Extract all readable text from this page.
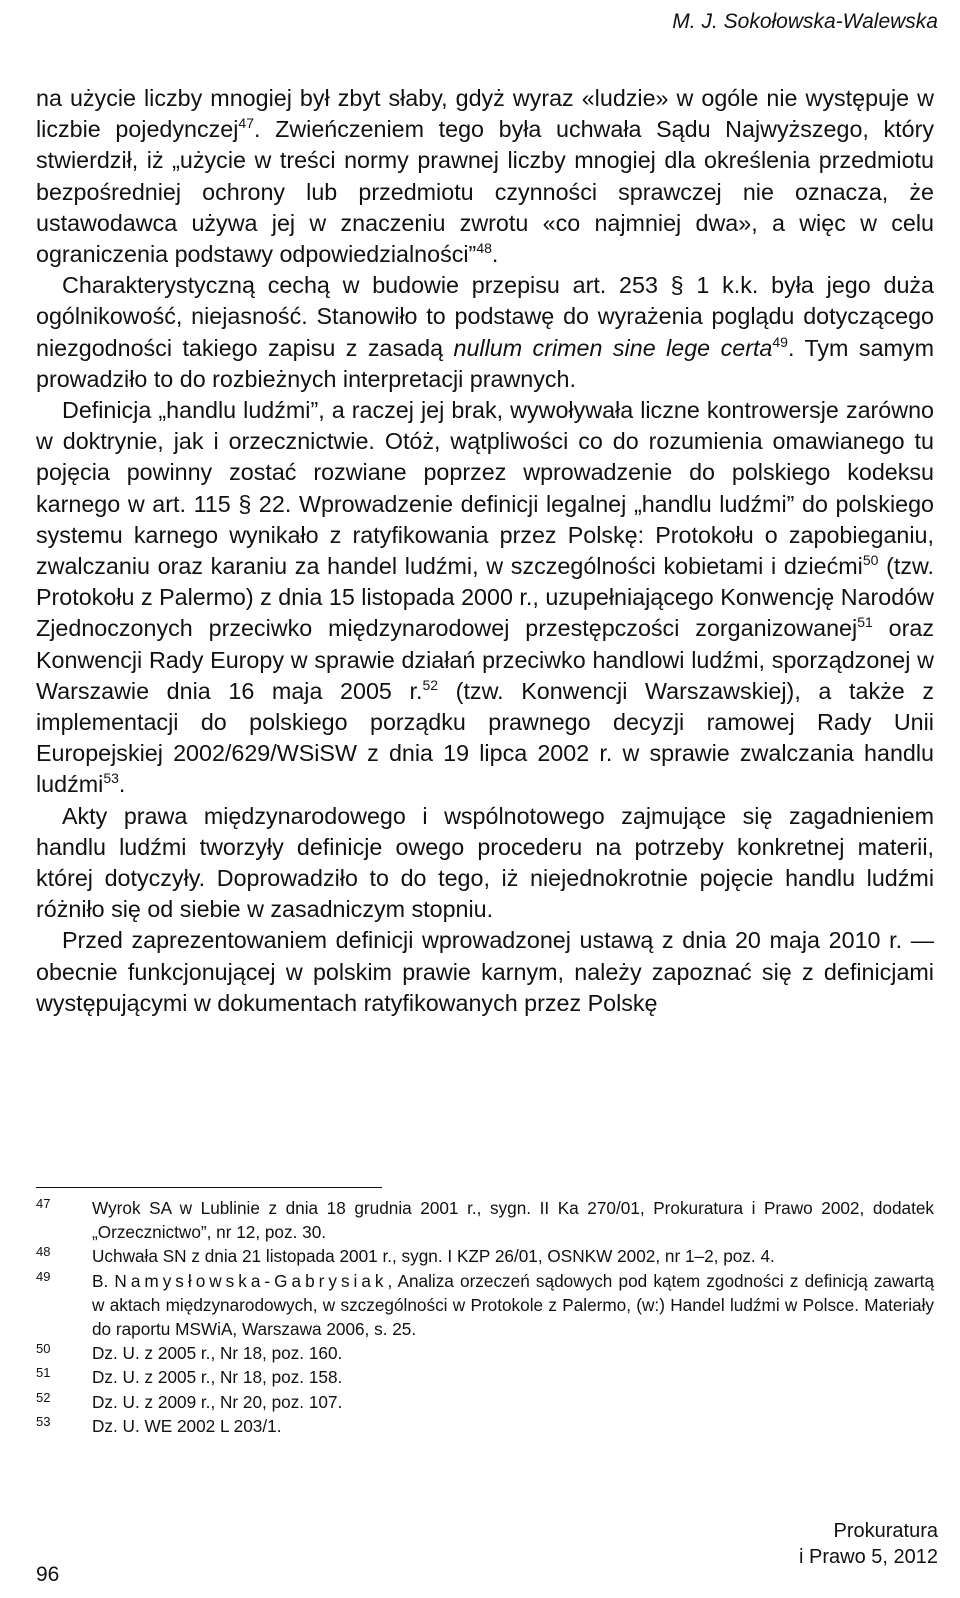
M. J. Sokołowska-Walewska

na użycie liczby mnogiej był zbyt słaby, gdyż wyraz «ludzie» w ogóle nie występuje w liczbie pojedynczej$^{47}$. Zwieńczeniem tego była uchwała Sądu Najwyższego, który stwierdził, iż „użycie w treści normy prawnej liczby mnogiej dla określenia przedmiotu bezpośredniej ochrony lub przedmiotu czynności sprawczej nie oznacza, że ustawodawca używa jej w znaczeniu zwrotu «co najmniej dwa», a więc w celu ograniczenia podstawy odpowiedzialności”$^{48}$.

Charakterystyczną cechą w budowie przepisu art. 253 § 1 k.k. była jego duża ogólnikowość, niejasność. Stanowiło to podstawę do wyrażenia poglądu dotyczącego niezgodności takiego zapisu z zasadą nullum crimen sine lege certa$^{49}$. Tym samym prowadziło to do rozbieżnych interpretacji prawnych.

Definicja „handlu ludźmi”, a raczej jej brak, wywoływała liczne kontrowersje zarówno w doktrynie, jak i orzecznictwie. Otóż, wątpliwości co do rozumienia omawianego tu pojęcia powinny zostać rozwiane poprzez wprowadzenie do polskiego kodeksu karnego w art. 115 § 22. Wprowadzenie definicji legalnej „handlu ludźmi” do polskiego systemu karnego wynikało z ratyfikowania przez Polskę: Protokołu o zapobieganiu, zwalczaniu oraz karaniu za handel ludźmi, w szczególności kobietami i dziećmi$^{50}$ (tzw. Protokołu z Palermo) z dnia 15 listopada 2000 r., uzupełniającego Konwencję Narodów Zjednoczonych przeciwko międzynarodowej przestępczości zorganizowanej$^{51}$ oraz Konwencji Rady Europy w sprawie działań przeciwko handlowi ludźmi, sporządzonej w Warszawie dnia 16 maja 2005 r.$^{52}$ (tzw. Konwencji Warszawskiej), a także z implementacji do polskiego porządku prawnego decyzji ramowej Rady Unii Europejskiej 2002/629/WSiSW z dnia 19 lipca 2002 r. w sprawie zwalczania handlu ludźmi$^{53}$.

Akty prawa międzynarodowego i wspólnotowego zajmujące się zagadnieniem handlu ludźmi tworzyły definicje owego procederu na potrzeby konkretnej materii, której dotyczyły. Doprowadziło to do tego, iż niejednokrotnie pojęcie handlu ludźmi różniło się od siebie w zasadniczym stopniu.

Przed zaprezentowaniem definicji wprowadzonej ustawą z dnia 20 maja 2010 r. — obecnie funkcjonującej w polskim prawie karnym, należy zapoznać się z definicjami występującymi w dokumentach ratyfikowanych przez Polskę

47 Wyrok SA w Lublinie z dnia 18 grudnia 2001 r., sygn. II Ka 270/01, Prokuratura i Prawo 2002, dodatek „Orzecznictwo”, nr 12, poz. 30.
48 Uchwała SN z dnia 21 listopada 2001 r., sygn. I KZP 26/01, OSNKW 2002, nr 1–2, poz. 4.
49 B. Namysłowska-Gabrysiak, Analiza orzeczeń sądowych pod kątem zgodności z definicją zawartą w aktach międzynarodowych, w szczególności w Protokole z Palermo, (w:) Handel ludźmi w Polsce. Materiały do raportu MSWiA, Warszawa 2006, s. 25.
50 Dz. U. z 2005 r., Nr 18, poz. 160.
51 Dz. U. z 2005 r., Nr 18, poz. 158.
52 Dz. U. z 2009 r., Nr 20, poz. 107.
53 Dz. U. WE 2002 L 203/1.
96
Prokuratura
i Prawo 5, 2012
